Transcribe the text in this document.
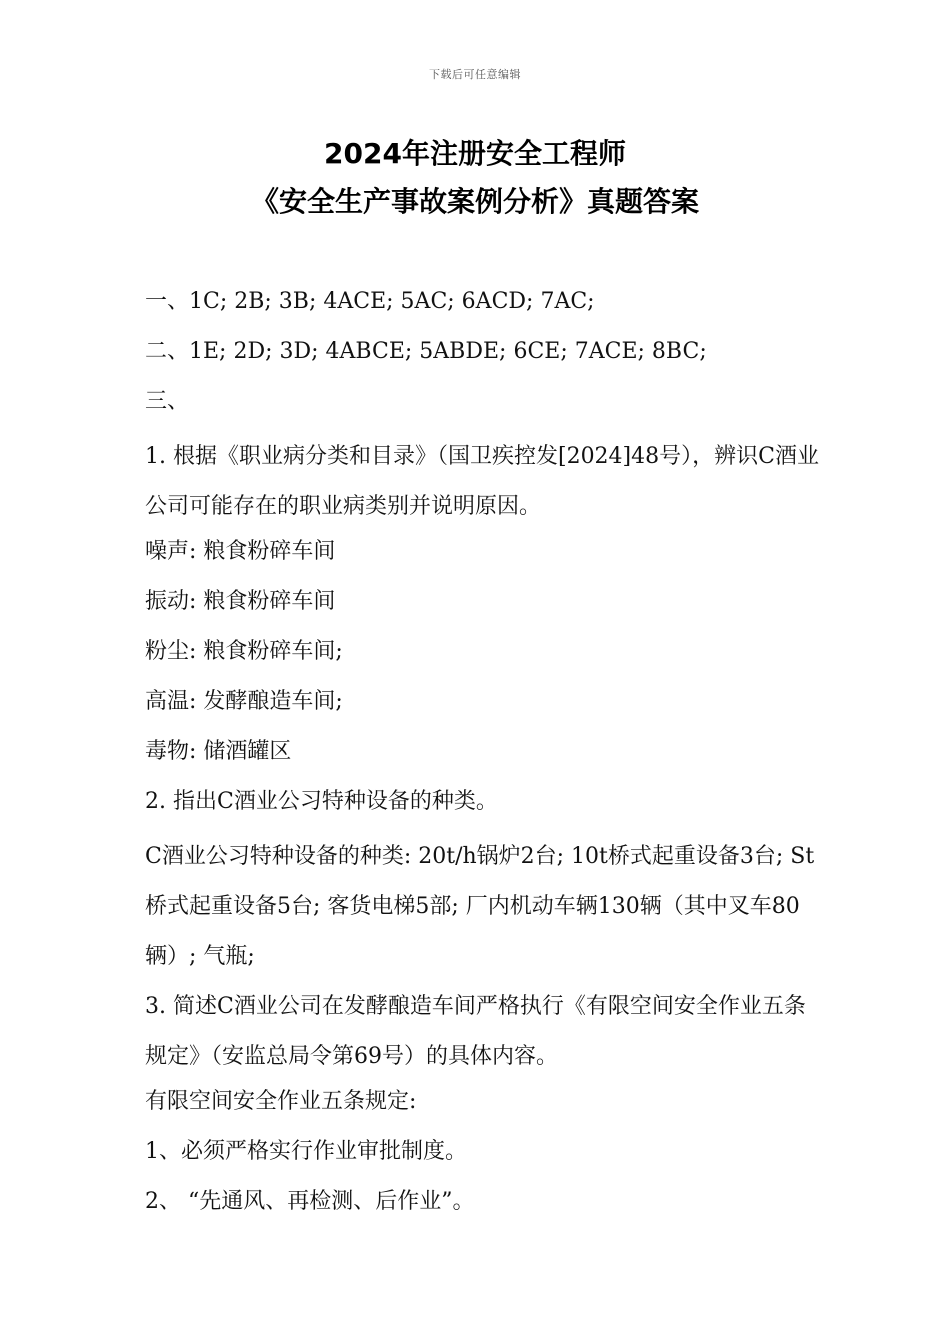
下载后可任意编辑
2024年注册安全工程师
《安全生产事故案例分析》真题答案
一、1C; 2B; 3B; 4ACE; 5AC; 6ACD; 7AC;
二、1E; 2D; 3D; 4ABCE; 5ABDE; 6CE; 7ACE; 8BC;
三、
1. 根据《职业病分类和目录》（国卫疾控发[2024]48号），辨识C酒业公司可能存在的职业病类别并说明原因。
噪声: 粮食粉碎车间
振动: 粮食粉碎车间
粉尘: 粮食粉碎车间;
高温: 发酵酿造车间;
毒物: 储酒罐区
2. 指出C酒业公习特种设备的种类。
C酒业公习特种设备的种类: 20t/h锅炉2台; 10t桥式起重设备3台; St桥式起重设备5台; 客货电梯5部; 厂内机动车辆130辆（其中叉车80辆）; 气瓶;
3. 简述C酒业公司在发酵酿造车间严格执行《有限空间安全作业五条规定》（安监总局令第69号）的具体内容。
有限空间安全作业五条规定:
1、必须严格实行作业审批制度。
2、 “先通风、再检测、后作业”。
